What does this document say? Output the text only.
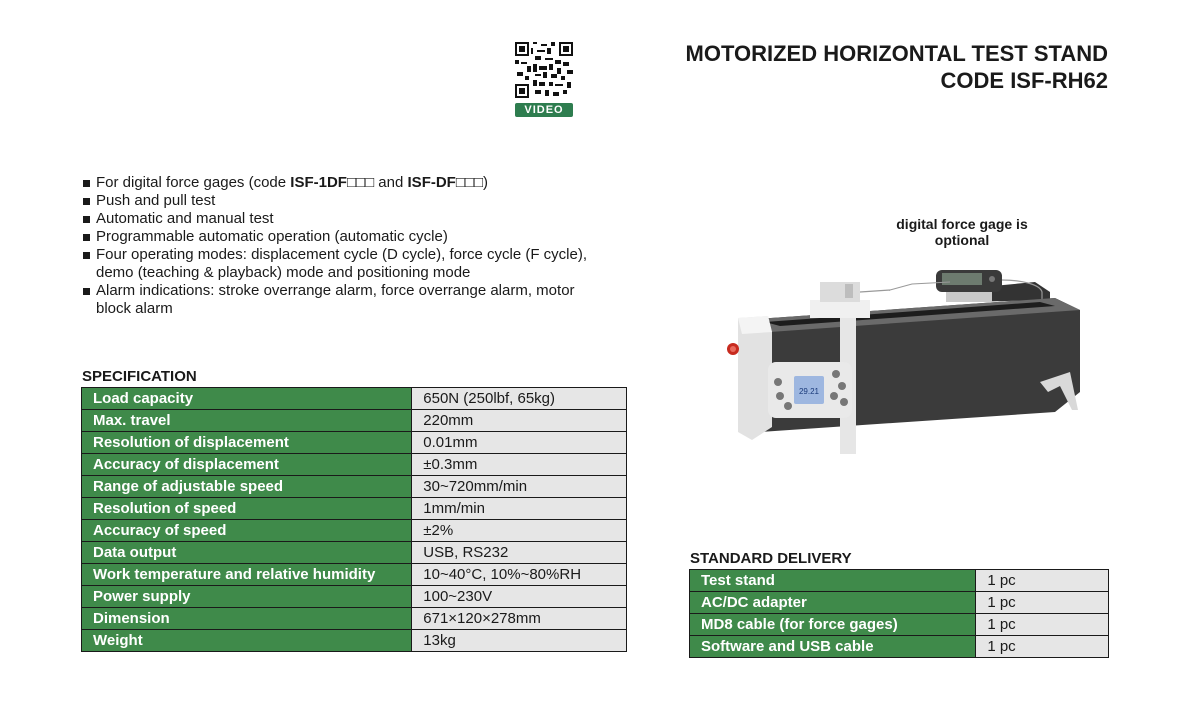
VIDEO
MOTORIZED HORIZONTAL TEST STAND
CODE ISF-RH62
For digital force gages (code ISF-1DF□□□ and ISF-DF□□□)
Push and pull test
Automatic and manual test
Programmable automatic operation (automatic cycle)
Four operating modes: displacement cycle (D cycle), force cycle (F cycle), demo (teaching & playback) mode and positioning mode
Alarm indications: stroke overrange alarm, force overrange alarm, motor block alarm
digital force gage is optional
29.21
SPECIFICATION
Load capacity	650N (250lbf, 65kg)
Max. travel	220mm
Resolution of displacement	0.01mm
Accuracy of displacement	±0.3mm
Range of adjustable speed	30~720mm/min
Resolution of speed	1mm/min
Accuracy of speed	±2%
Data output	USB, RS232
Work temperature and relative humidity	10~40°C, 10%~80%RH
Power supply	100~230V
Dimension	671×120×278mm
Weight	13kg
STANDARD DELIVERY
Test stand	1 pc
AC/DC adapter	1 pc
MD8 cable (for force gages)	1 pc
Software and USB cable	1 pc
